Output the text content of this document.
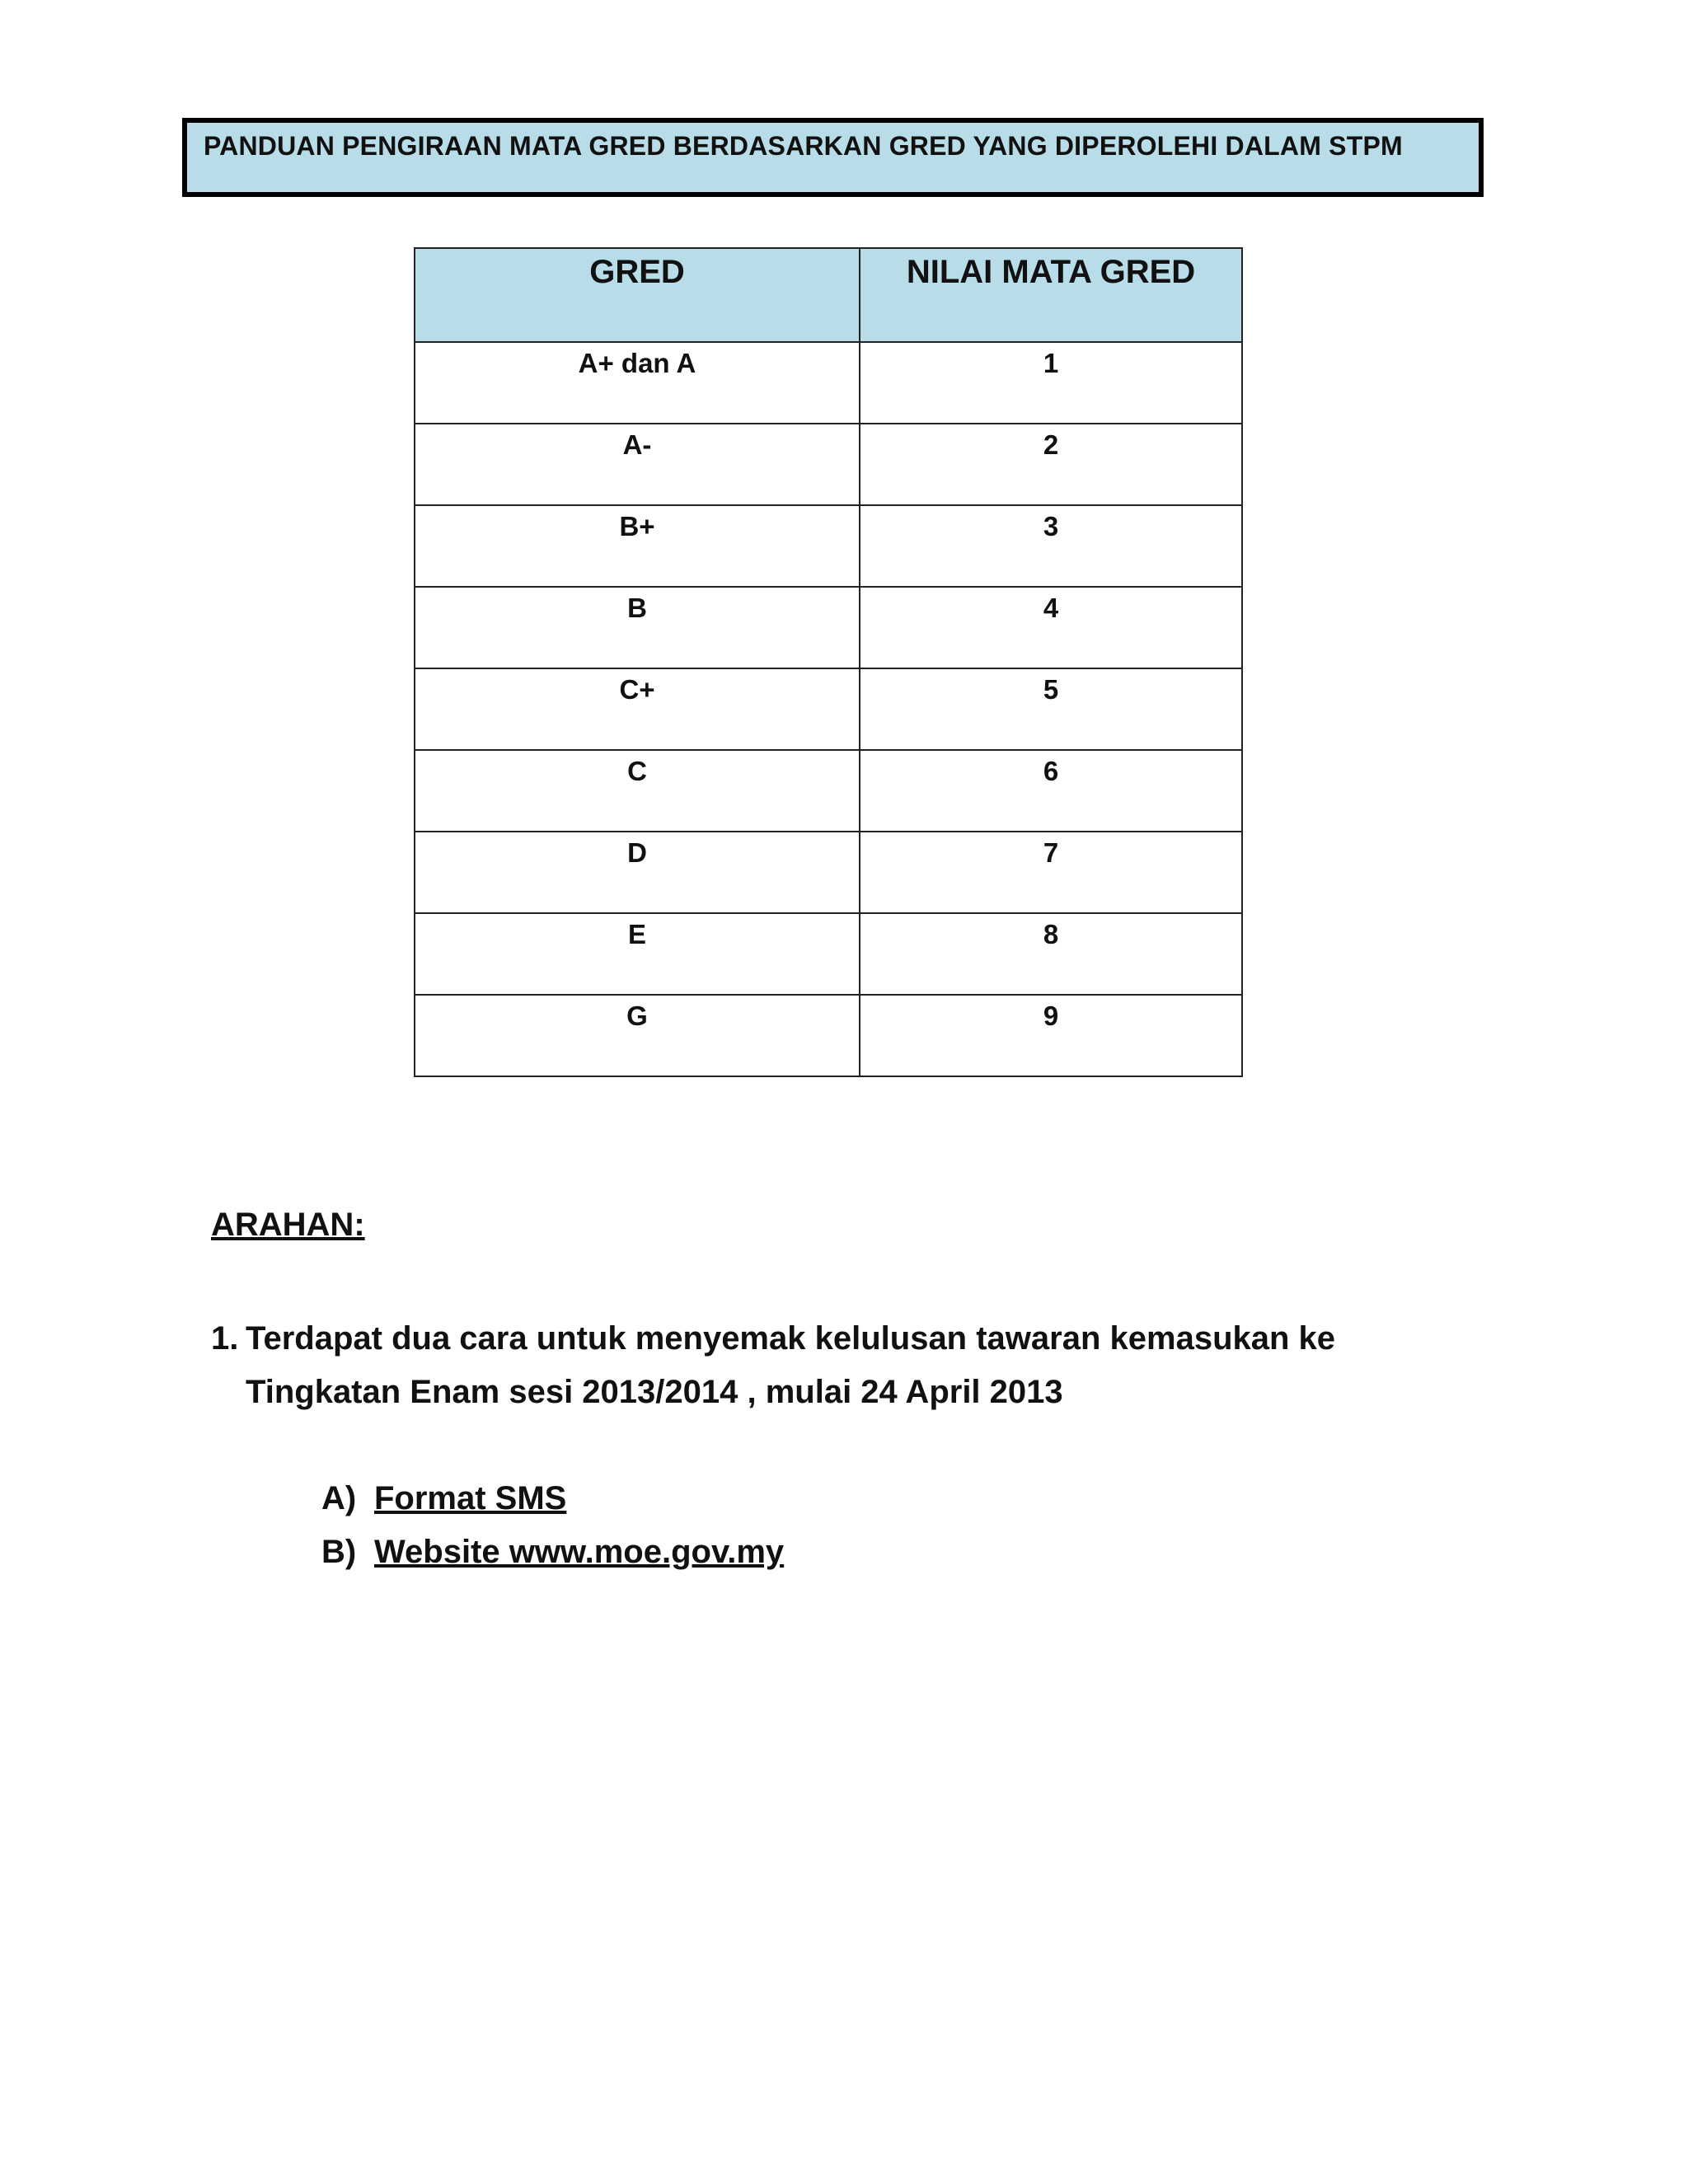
PANDUAN PENGIRAAN MATA GRED BERDASARKAN GRED YANG DIPEROLEHI DALAM STPM
GRED	NILAI MATA GRED
A+ dan A	1
A-	2
B+	3
B	4
C+	5
C	6
D	7
E	8
G	9
ARAHAN:
1. Terdapat dua cara untuk menyemak kelulusan tawaran kemasukan ke
Tingkatan Enam sesi 2013/2014 , mulai 24 April 2013
A) Format SMS
B) Website www.moe.gov.my
